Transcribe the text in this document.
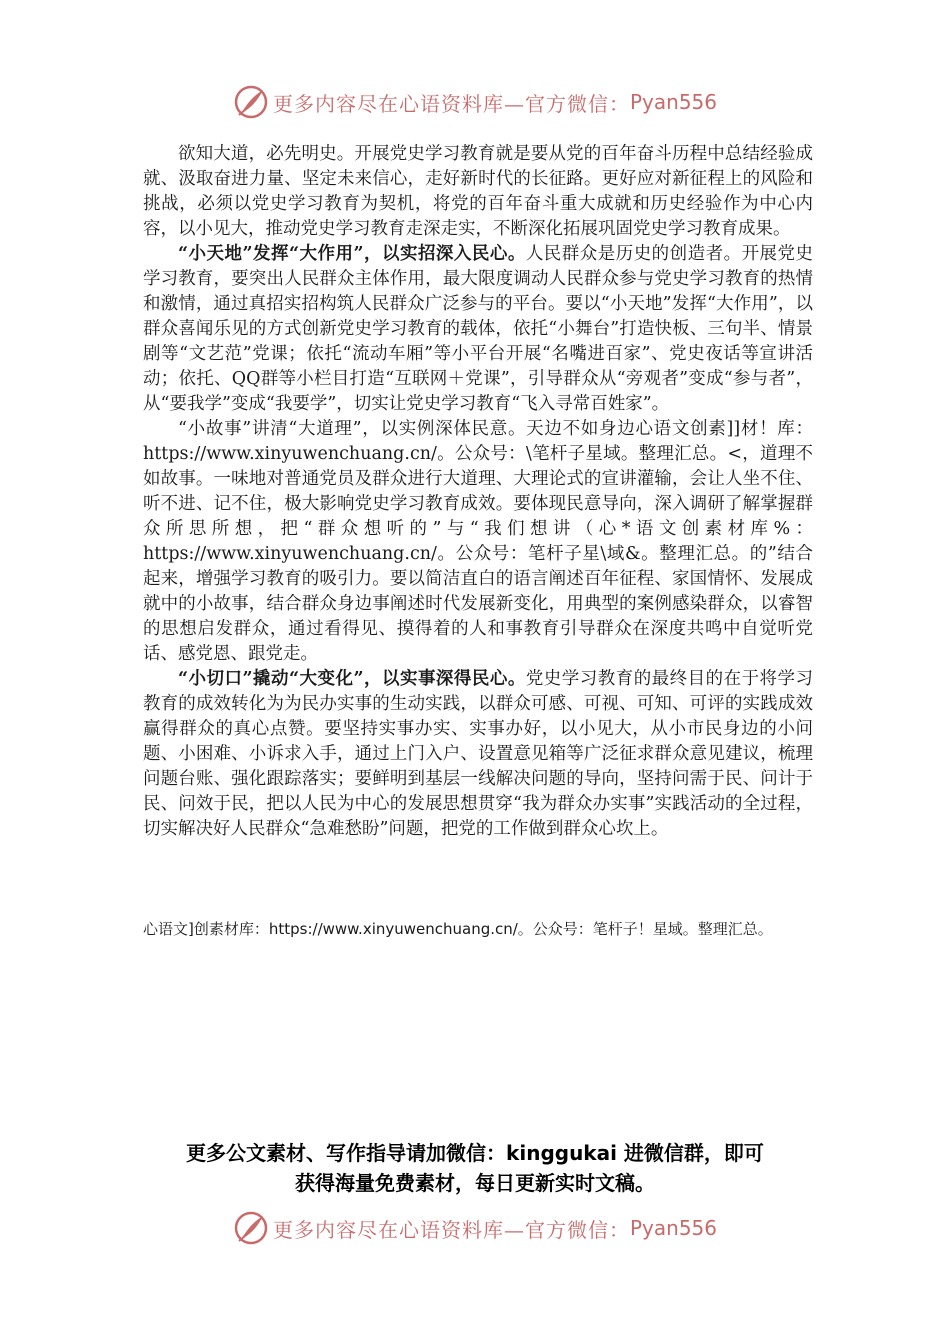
更多内容尽在心语资料库—官方微信： Pyan556

欲知大道，必先明史。开展党史学习教育就是要从党的百年奋斗历程中总结经验成就、汲取奋进力量、坚定未来信心，走好新时代的长征路。更好应对新征程上的风险和挑战，必须以党史学习教育为契机，将党的百年奋斗重大成就和历史经验作为中心内容，以小见大，推动党史学习教育走深走实，不断深化拓展巩固党史学习教育成果。

“小天地”发挥“大作用”，以实招深入民心。人民群众是历史的创造者。开展党史学习教育，要突出人民群众主体作用，最大限度调动人民群众参与党史学习教育的热情和激情，通过真招实招构筑人民群众广泛参与的平台。要以“小天地”发挥“大作用”，以群众喜闻乐见的方式创新党史学习教育的载体，依托“小舞台”打造快板、三句半、情景剧等“文艺范”党课；依托“流动车厢”等小平台开展“名嘴进百家”、党史夜话等宣讲活动；依托、QQ群等小栏目打造“互联网＋党课”，引导群众从“旁观者”变成“参与者”，从“要我学”变成“我要学”，切实让党史学习教育“飞入寻常百姓家”。

“小故事”讲清“大道理”，以实例深体民意。天边不如身边心语文创素]]材！库：https://www.xinyuwenchuang.cn/。公众号：\笔杆子星域。整理汇总。<，道理不如故事。一味地对普通党员及群众进行大道理、大理论式的宣讲灌输，会让人坐不住、听不进、记不住，极大影响党史学习教育成效。要体现民意导向，深入调研了解掌握群众所思所想，把“群众想听的”与“我们想讲（心*语文创素材库%：https://www.xinyuwenchuang.cn/。公众号：笔杆子星\域&。整理汇总。的”结合起来，增强学习教育的吸引力。要以简洁直白的语言阐述百年征程、家国情怀、发展成就中的小故事，结合群众身边事阐述时代发展新变化，用典型的案例感染群众，以睿智的思想启发群众，通过看得见、摸得着的人和事教育引导群众在深度共鸣中自觉听党话、感党恩、跟党走。

“小切口”撬动“大变化”，以实事深得民心。党史学习教育的最终目的在于将学习教育的成效转化为为民办实事的生动实践，以群众可感、可视、可知、可评的实践成效赢得群众的真心点赞。要坚持实事办实、实事办好，以小见大，从小市民身边的小问题、小困难、小诉求入手，通过上门入户、设置意见箱等广泛征求群众意见建议，梳理问题台账、强化跟踪落实；要鲜明到基层一线解决问题的导向，坚持问需于民、问计于民、问效于民，把以人民为中心的发展思想贯穿“我为群众办实事”实践活动的全过程，切实解决好人民群众“急难愁盼”问题，把党的工作做到群众心坎上。

心语文]创素材库：https://www.xinyuwenchuang.cn/。公众号：笔杆子！星域。整理汇总。
更多公文素材、写作指导请加微信：kinggukai 进微信群，即可
获得海量免费素材，每日更新实时文稿。
更多内容尽在心语资料库—官方微信： Pyan556
